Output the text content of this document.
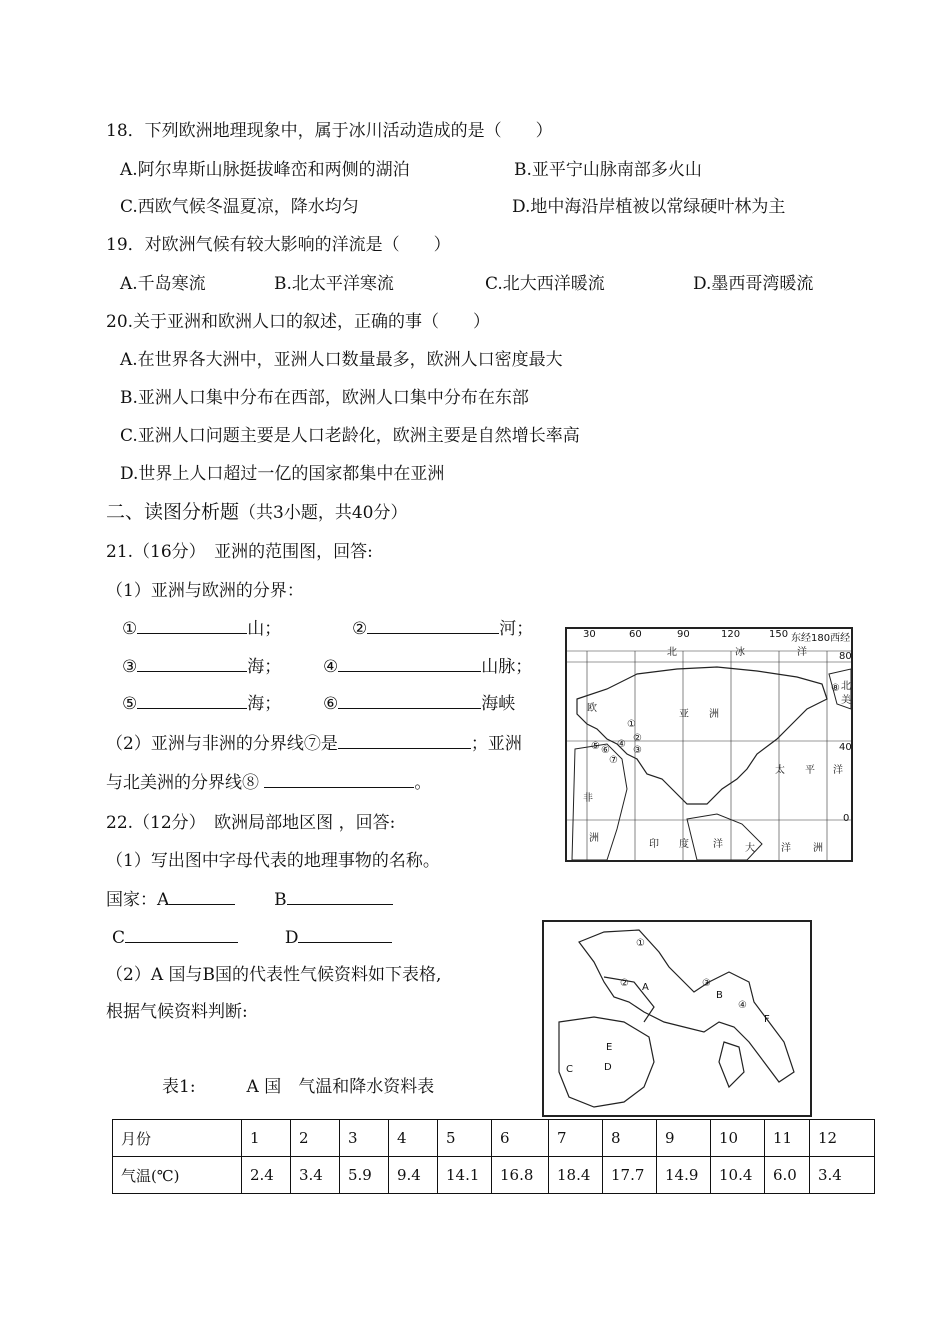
18．下列欧洲地理现象中，属于冰川活动造成的是（　　）
A.阿尔卑斯山脉挺拔峰峦和两侧的湖泊	B.亚平宁山脉南部多火山
C.西欧气候冬温夏凉，降水均匀	D.地中海沿岸植被以常绿硬叶林为主
19．对欧洲气候有较大影响的洋流是（　　）
A.千岛寒流	B.北太平洋寒流	C.北大西洋暖流	D.墨西哥湾暖流
20.关于亚洲和欧洲人口的叙述，正确的事（　　）
A.在世界各大洲中，亚洲人口数量最多，欧洲人口密度最大
B.亚洲人口集中分布在西部，欧洲人口集中分布在东部
C.亚洲人口问题主要是人口老龄化，欧洲主要是自然增长率高
D.世界上人口超过一亿的国家都集中在亚洲
二、读图分析题（共3小题，共40分）
21.（16分）　亚洲的范围图，回答:
（1）亚洲与欧洲的分界：
①	山；	②	河；
③	海； ④	山脉；
⑤	海； ⑥	海峡
（2）亚洲与非洲的分界线⑦是	；亚洲
与北美洲的分界线⑧	。
22.（12分）　欧洲局部地区图 ，回答:
（1）写出图中字母代表的地理事物的名称。
国家：A	B
C	D
（2）A 国与B国的代表性气候资料如下表格,
根据气候资料判断:
表1:　　　A 国　气温和降水资料表
30	60	90	120	150 东经180西经
80
40
0
北	冰	洋
欧
亚 洲
非
洲
太 平 洋
印 度 洋 大	洋 洲
北
美
①
②
③
④
⑤ ⑥
⑦
⑧
A
B
C	D
E
F
①
②	③
④
月份	1	2	3	4	5	6	7	8	9	10	11	12
气温(℃)	2.4	3.4	5.9	9.4	14.1	16.8	18.4	17.7	14.9	10.4	6.0	3.4
